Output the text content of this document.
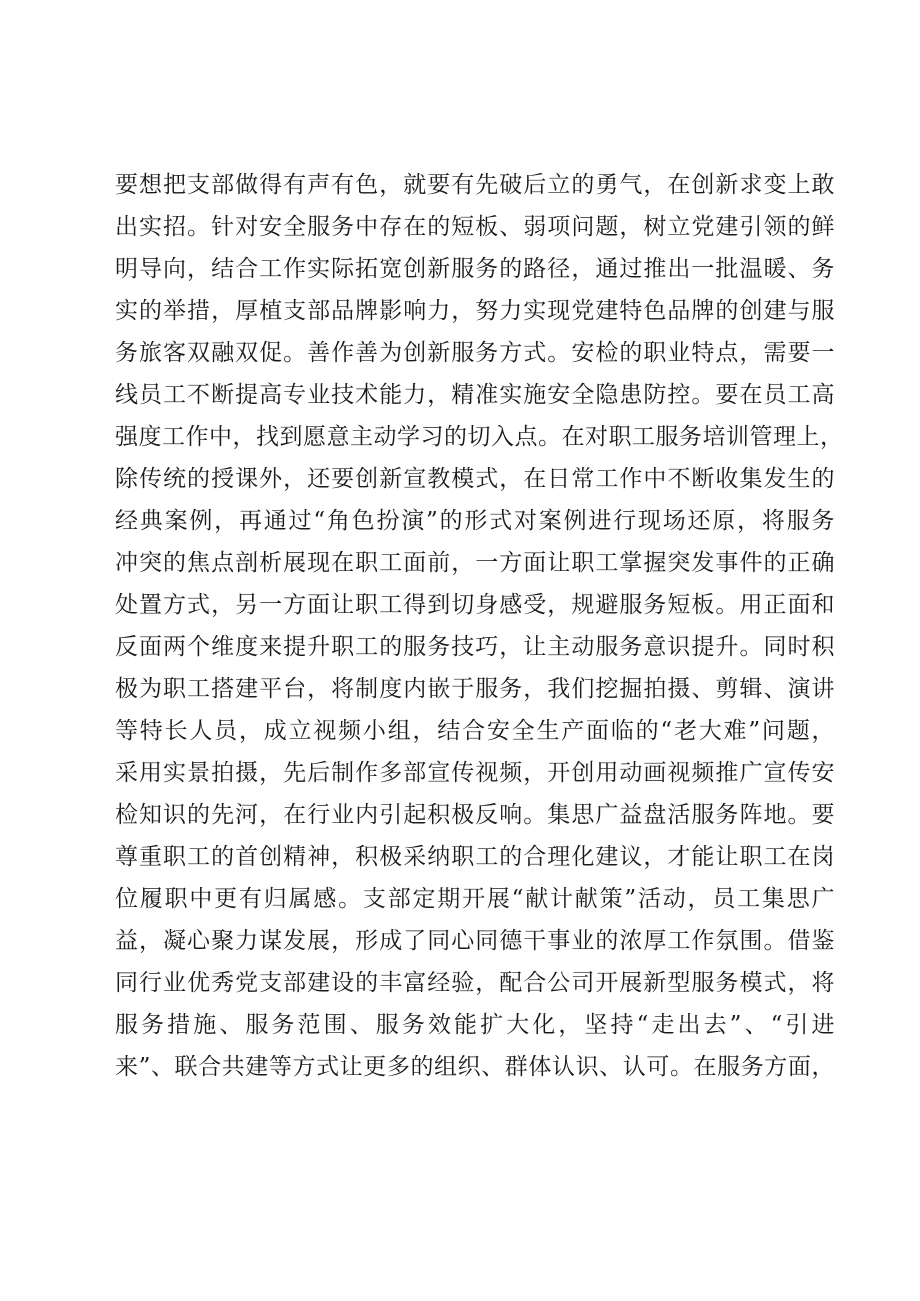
要想把支部做得有声有色，就要有先破后立的勇气，在创新求变上敢
出实招。针对安全服务中存在的短板、弱项问题，树立党建引领的鲜
明导向，结合工作实际拓宽创新服务的路径，通过推出一批温暖、务
实的举措，厚植支部品牌影响力，努力实现党建特色品牌的创建与服
务旅客双融双促。善作善为创新服务方式。安检的职业特点，需要一
线员工不断提高专业技术能力，精准实施安全隐患防控。要在员工高
强度工作中，找到愿意主动学习的切入点。在对职工服务培训管理上，
除传统的授课外，还要创新宣教模式，在日常工作中不断收集发生的
经典案例，再通过“角色扮演”的形式对案例进行现场还原，将服务
冲突的焦点剖析展现在职工面前，一方面让职工掌握突发事件的正确
处置方式，另一方面让职工得到切身感受，规避服务短板。用正面和
反面两个维度来提升职工的服务技巧，让主动服务意识提升。同时积
极为职工搭建平台，将制度内嵌于服务，我们挖掘拍摄、剪辑、演讲
等特长人员，成立视频小组，结合安全生产面临的“老大难”问题，
采用实景拍摄，先后制作多部宣传视频，开创用动画视频推广宣传安
检知识的先河，在行业内引起积极反响。集思广益盘活服务阵地。要
尊重职工的首创精神，积极采纳职工的合理化建议，才能让职工在岗
位履职中更有归属感。支部定期开展“献计献策”活动，员工集思广
益，凝心聚力谋发展，形成了同心同德干事业的浓厚工作氛围。借鉴
同行业优秀党支部建设的丰富经验，配合公司开展新型服务模式，将
服务措施、服务范围、服务效能扩大化，坚持“走出去”、“引进
来”、联合共建等方式让更多的组织、群体认识、认可。在服务方面，
